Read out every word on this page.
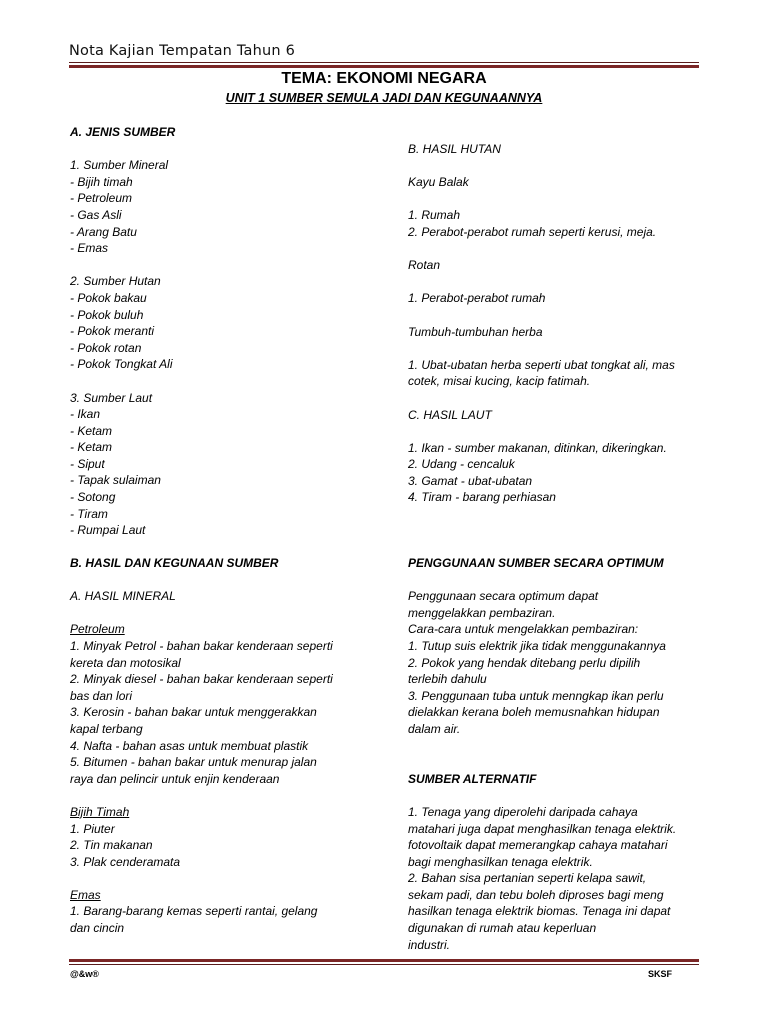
Nota Kajian Tempatan Tahun 6
TEMA: EKONOMI NEGARA
UNIT 1 SUMBER SEMULA JADI DAN KEGUNAANNYA
A. JENIS SUMBER
1. Sumber Mineral
- Bijih timah
- Petroleum
- Gas Asli
- Arang Batu
- Emas
2. Sumber Hutan
- Pokok bakau
- Pokok buluh
- Pokok meranti
- Pokok rotan
- Pokok Tongkat Ali
3. Sumber Laut
- Ikan
- Ketam
- Ketam
- Siput
- Tapak sulaiman
- Sotong
- Tiram
- Rumpai Laut
B. HASIL HUTAN
Kayu Balak
1. Rumah
2. Perabot-perabot rumah seperti kerusi, meja.
Rotan
1. Perabot-perabot rumah
Tumbuh-tumbuhan herba
1. Ubat-ubatan herba seperti ubat tongkat ali, mas
cotek, misai kucing, kacip fatimah.
C. HASIL LAUT
1. Ikan - sumber makanan, ditinkan, dikeringkan.
2. Udang - cencaluk
3. Gamat - ubat-ubatan
4. Tiram - barang perhiasan
B. HASIL DAN KEGUNAAN SUMBER
A. HASIL MINERAL
Petroleum
1. Minyak Petrol - bahan bakar kenderaan seperti
kereta dan motosikal
2. Minyak diesel - bahan bakar kenderaan seperti
bas dan lori
3. Kerosin - bahan bakar untuk menggerakkan
kapal terbang
4. Nafta - bahan asas untuk membuat plastik
5. Bitumen - bahan bakar untuk menurap jalan
raya dan pelincir untuk enjin kenderaan
Bijih Timah
1. Piuter
2. Tin makanan
3. Plak cenderamata
Emas
1. Barang-barang kemas seperti rantai, gelang
dan cincin
PENGGUNAAN SUMBER SECARA OPTIMUM
Penggunaan secara optimum dapat
menggelakkan pembaziran.
Cara-cara untuk mengelakkan pembaziran:
1. Tutup suis elektrik jika tidak menggunakannya
2. Pokok yang hendak ditebang perlu dipilih
terlebih dahulu
3. Penggunaan tuba untuk menngkap ikan perlu
dielakkan kerana boleh memusnahkan hidupan
dalam air.
SUMBER ALTERNATIF
1. Tenaga yang diperolehi daripada cahaya
matahari juga dapat menghasilkan tenaga elektrik.
fotovoltaik dapat memerangkap cahaya matahari
bagi menghasilkan tenaga elektrik.
2. Bahan sisa pertanian seperti kelapa sawit,
sekam padi, dan tebu boleh diproses bagi meng
hasilkan tenaga elektrik biomas. Tenaga ini dapat
digunakan di rumah atau keperluan
industri.
@&w®	SKSF
